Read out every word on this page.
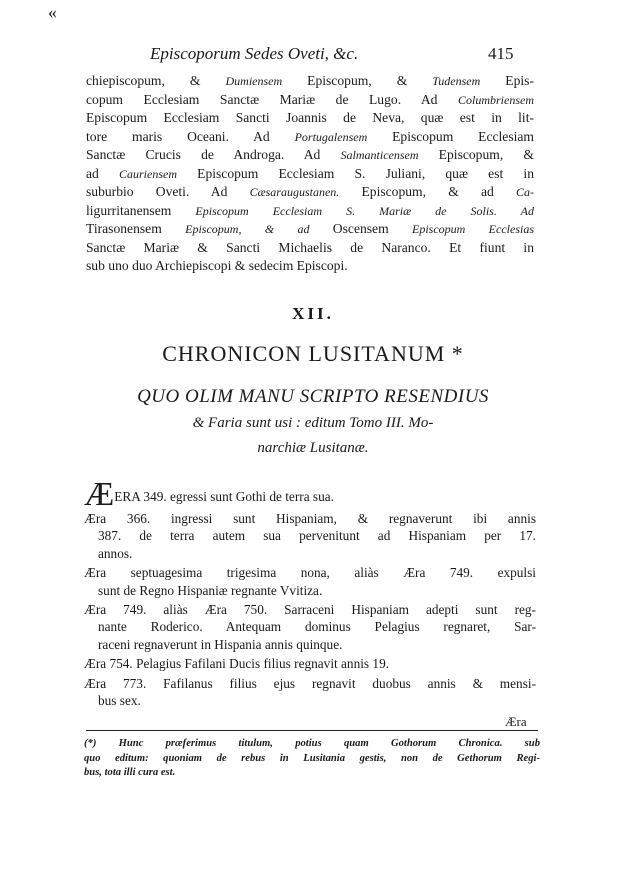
«
Episcoporum Sedes Oveti, &c.	415
chiepiscopum, & Dumiensem Episcopum, & Tudensem Epis-
copum Ecclesiam Sanctæ Mariæ de Lugo. Ad Columbriensem
Episcopum Ecclesiam Sancti Joannis de Neva, quæ est in lit-
tore maris Oceani. Ad Portugalensem Episcopum Ecclesiam
Sanctæ Crucis de Androga. Ad Salmanticensem Episcopum, &
ad Cauriensem Episcopum Ecclesiam S. Juliani, quæ est in
suburbio Oveti. Ad Cæsaraugustanen. Episcopum, & ad Ca-
ligurritanensem Episcopum Ecclesiam S. Mariæ de Solis. Ad
Tirasonensem Episcopum, & ad Oscensem Episcopum Ecclesias
Sanctæ Mariæ & Sancti Michaelis de Naranco. Et fiunt in
sub uno duo Archiepiscopi & sedecim Episcopi.
XII.
CHRONICON LUSITANUM *
QUO OLIM MANU SCRIPTO RESENDIUS
& Faria sunt usi : editum Tomo III. Mo-
narchiæ Lusitanæ.
ÆERA 349. egressi sunt Gothi de terra sua.
Æra 366. ingressi sunt Hispaniam, & regnaverunt ibi annis
387. de terra autem sua pervenitunt ad Hispaniam per 17.
annos.
Æra septuagesima trigesima nona, aliàs Æra 749. expulsi
sunt de Regno Hispaniæ regnante Vvitiza.
Æra 749. aliàs Æra 750. Sarraceni Hispaniam adepti sunt reg-
nante Roderico. Antequam dominus Pelagius regnaret, Sar-
raceni regnaverunt in Hispania annis quinque.
Æra 754. Pelagius Fafilani Ducis filius regnavit annis 19.
Æra 773. Fafilanus filius ejus regnavit duobus annis & mensi-
bus sex.
Æra
(*) Hunc præferimus titulum, potius quam Gothorum Chronica. sub
quo editum: quoniam de rebus in Lusitania gestis, non de Gethorum Regi-
bus, tota illi cura est.
